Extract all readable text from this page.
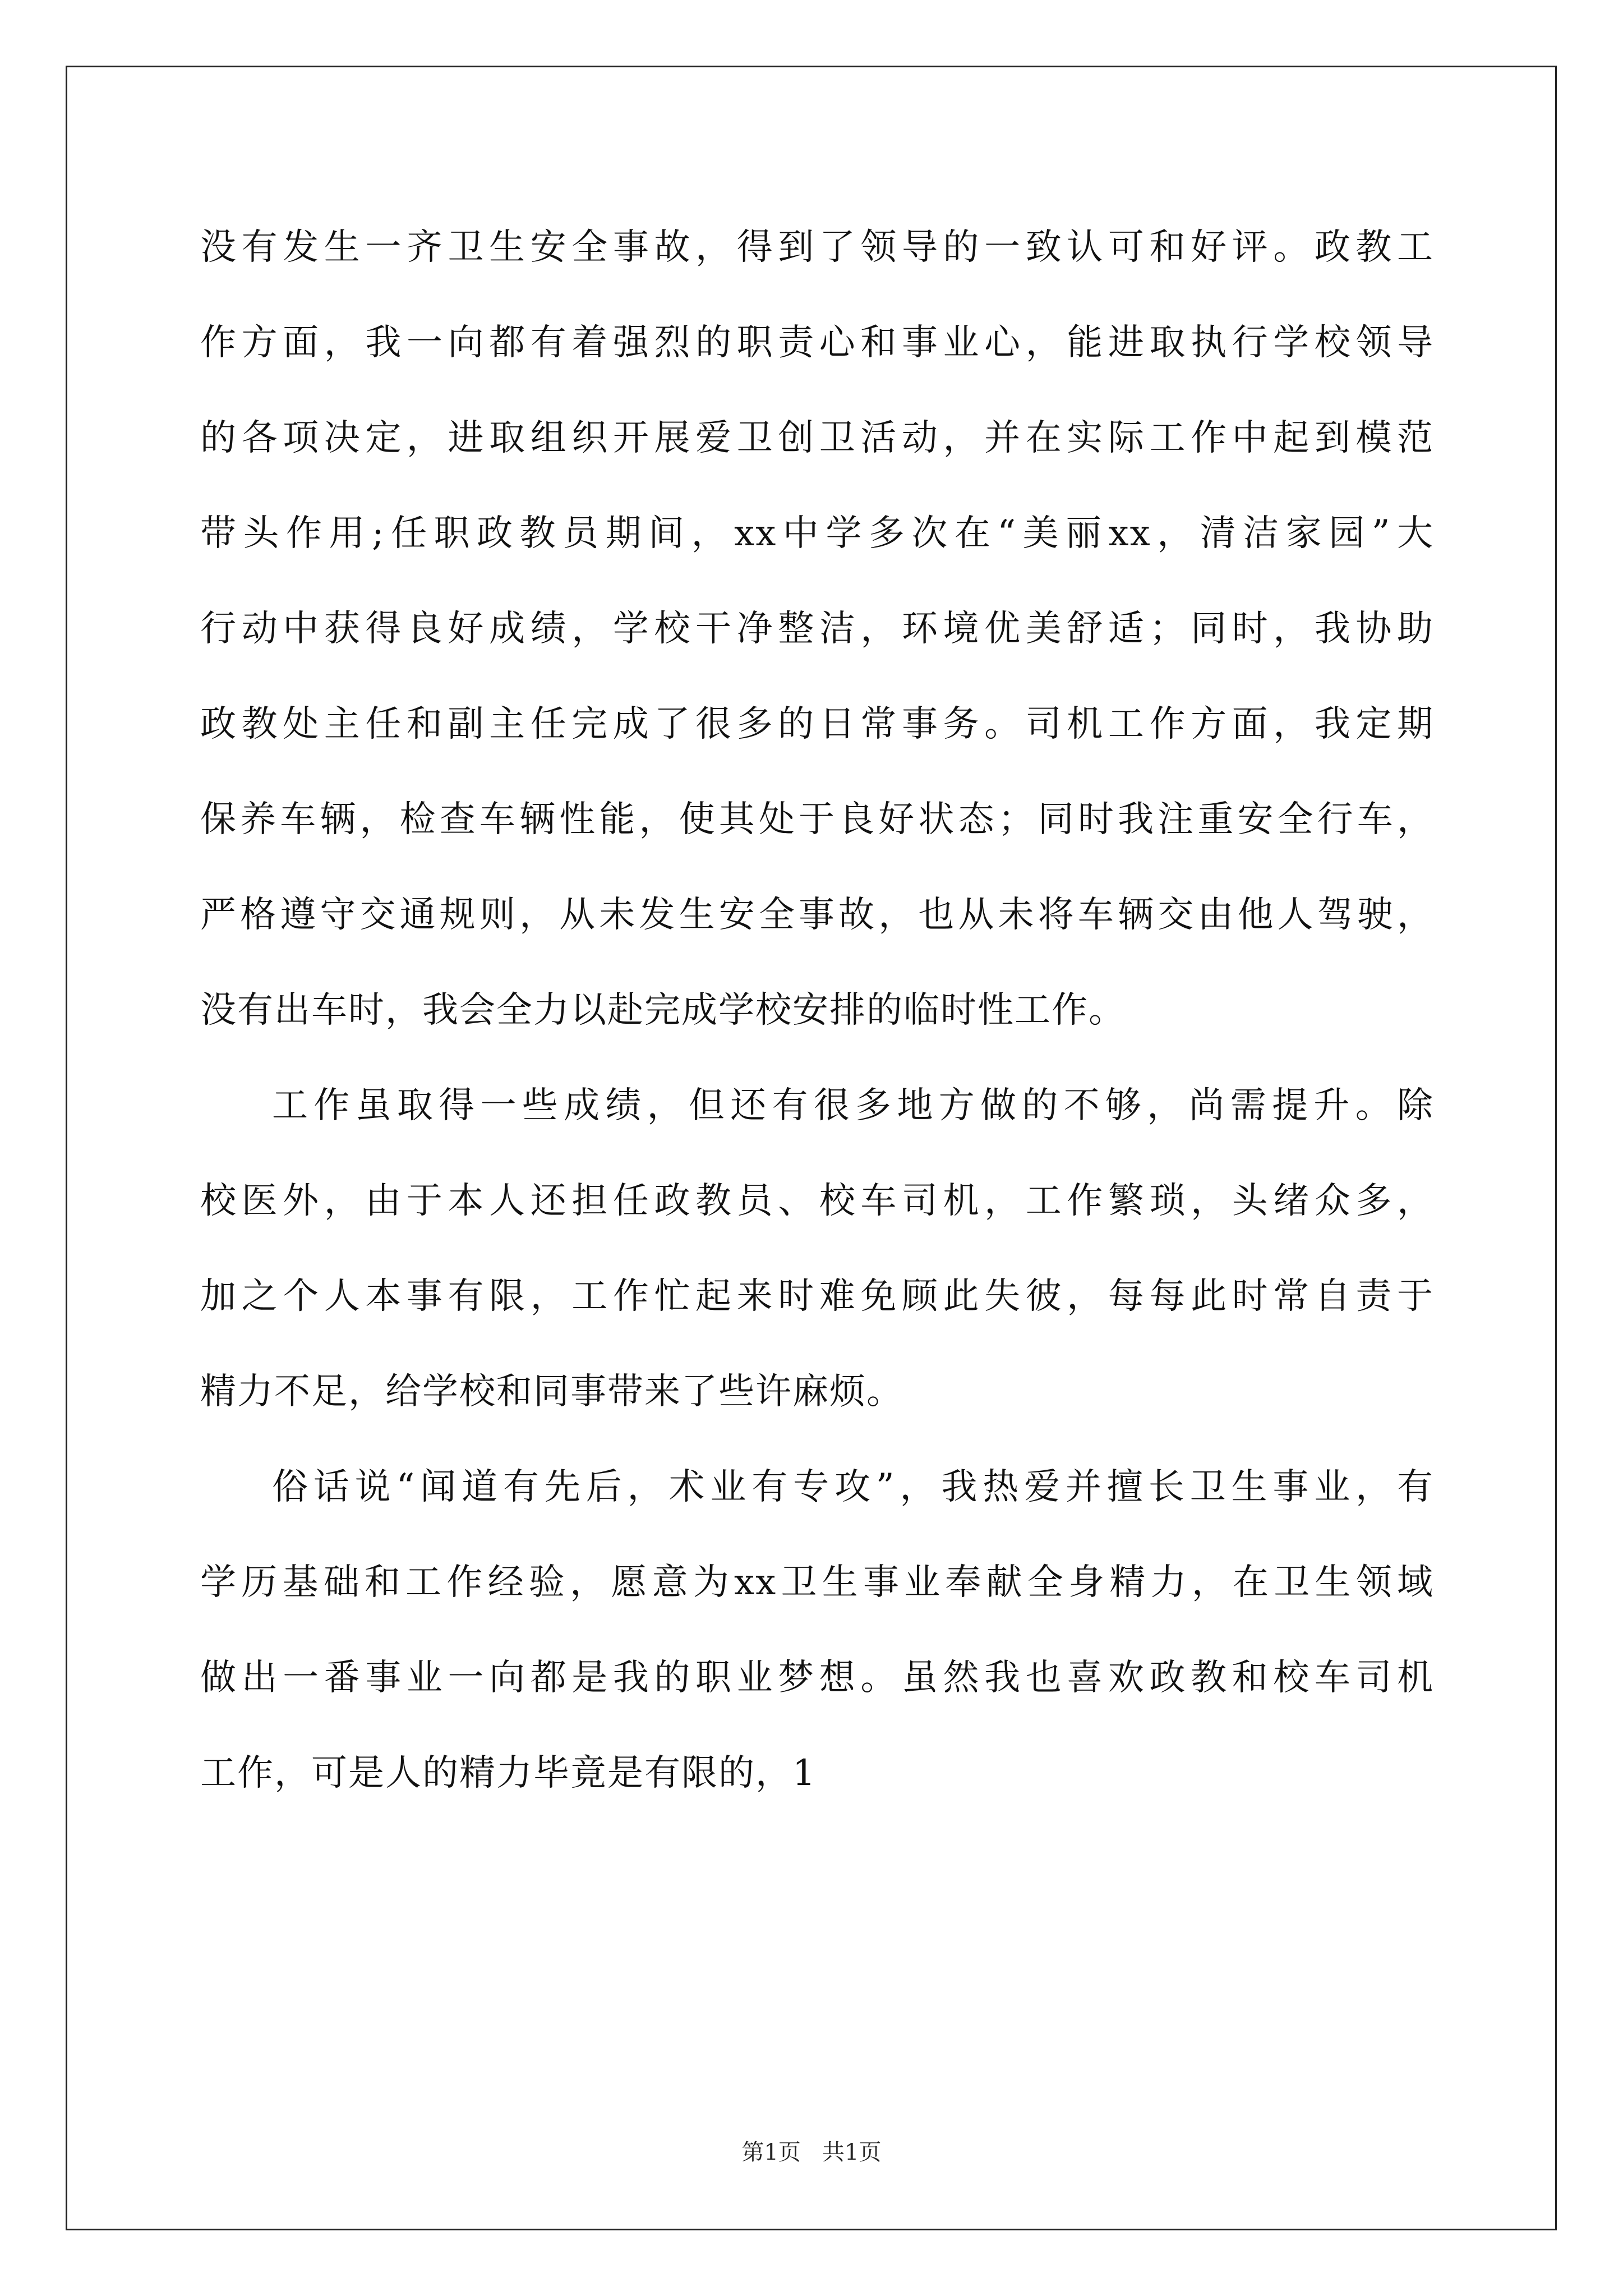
没有发生一齐卫生安全事故，得到了领导的一致认可和好评。政教工
作方面，我一向都有着强烈的职责心和事业心，能进取执行学校领导
的各项决定，进取组织开展爱卫创卫活动，并在实际工作中起到模范
带头作用;任职政教员期间，xx中学多次在“美丽xx，清洁家园”大
行动中获得良好成绩，学校干净整洁，环境优美舒适；同时，我协助
政教处主任和副主任完成了很多的日常事务。司机工作方面，我定期
保养车辆，检查车辆性能，使其处于良好状态；同时我注重安全行车，
严格遵守交通规则，从未发生安全事故，也从未将车辆交由他人驾驶，
没有出车时，我会全力以赴完成学校安排的临时性工作。
工作虽取得一些成绩，但还有很多地方做的不够，尚需提升。除
校医外，由于本人还担任政教员、校车司机，工作繁琐，头绪众多，
加之个人本事有限，工作忙起来时难免顾此失彼，每每此时常自责于
精力不足，给学校和同事带来了些许麻烦。
俗话说“闻道有先后，术业有专攻”，我热爱并擅长卫生事业，有
学历基础和工作经验，愿意为xx卫生事业奉献全身精力，在卫生领域
做出一番事业一向都是我的职业梦想。虽然我也喜欢政教和校车司机
工作，可是人的精力毕竟是有限的，1
第1页   共1页
